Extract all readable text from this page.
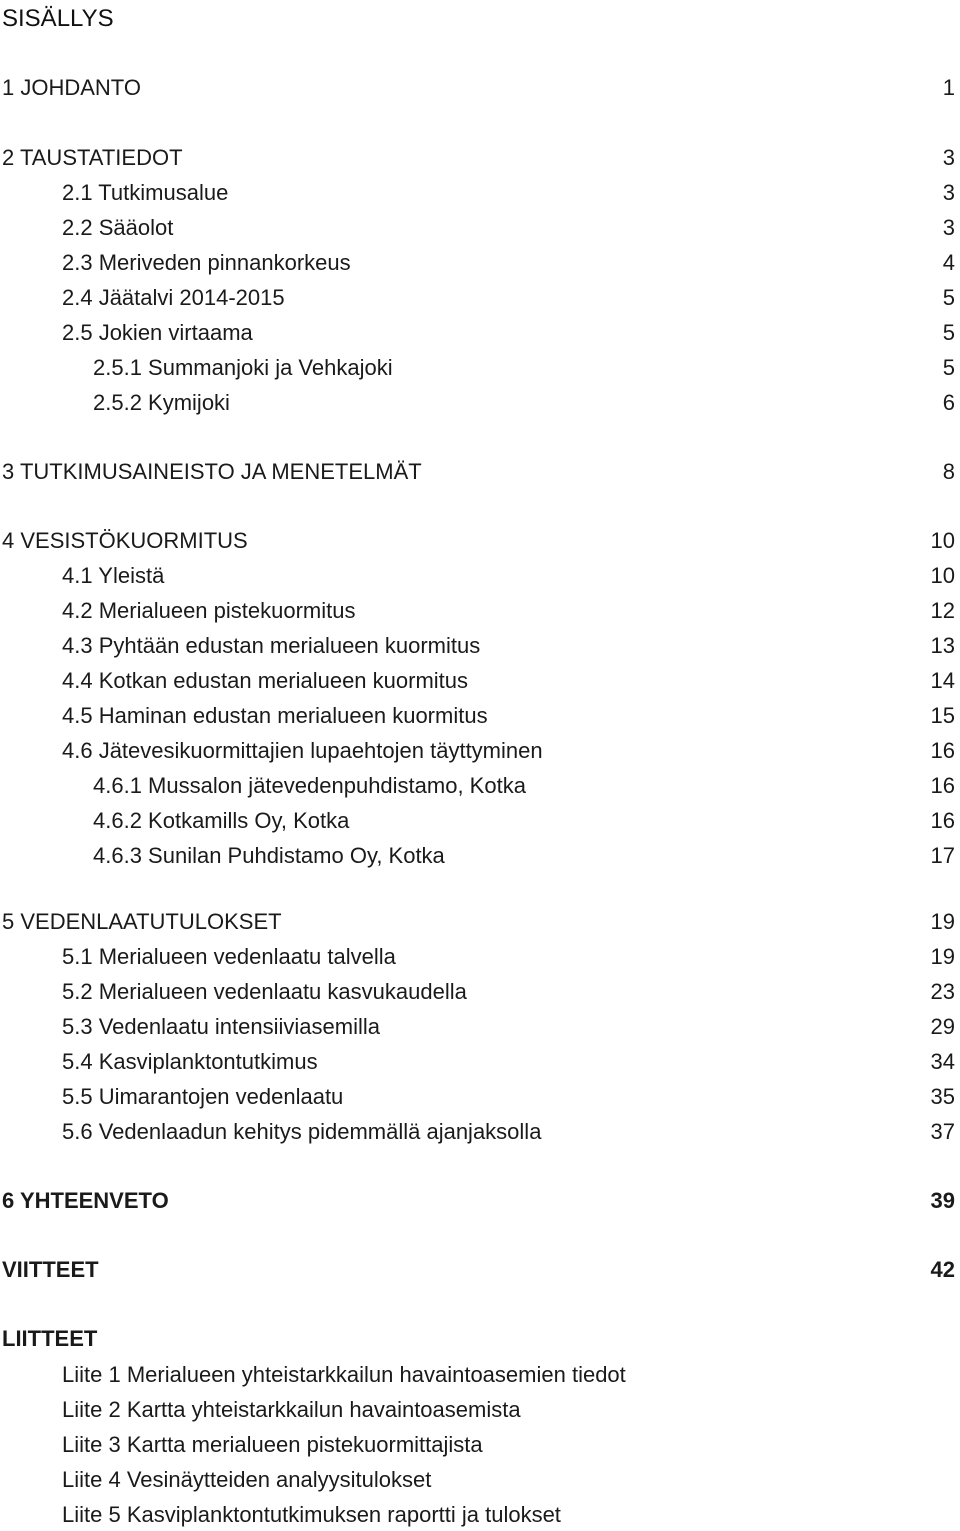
SISÄLLYS
1 JOHDANTO	1
2 TAUSTATIEDOT	3
2.1 Tutkimusalue	3
2.2 Sääolot	3
2.3 Meriveden pinnankorkeus	4
2.4 Jäätalvi 2014-2015	5
2.5 Jokien virtaama	5
2.5.1 Summanjoki ja Vehkajoki	5
2.5.2 Kymijoki	6
3 TUTKIMUSAINEISTO JA MENETELMÄT	8
4 VESISTÖKUORMITUS	10
4.1 Yleistä	10
4.2 Merialueen pistekuormitus	12
4.3 Pyhtään edustan merialueen kuormitus	13
4.4 Kotkan edustan merialueen kuormitus	14
4.5 Haminan edustan merialueen kuormitus	15
4.6 Jätevesikuormittajien lupaehtojen täyttyminen	16
4.6.1 Mussalon jätevedenpuhdistamo, Kotka	16
4.6.2 Kotkamills Oy, Kotka	16
4.6.3 Sunilan Puhdistamo Oy, Kotka	17
5 VEDENLAATUTULOKSET	19
5.1 Merialueen vedenlaatu talvella	19
5.2 Merialueen vedenlaatu kasvukaudella	23
5.3 Vedenlaatu intensiiviasemilla	29
5.4 Kasviplanktontutkimus	34
5.5 Uimarantojen vedenlaatu	35
5.6 Vedenlaadun kehitys pidemmällä ajanjaksolla	37
6 YHTEENVETO	39
VIITTEET	42
LIITTEET
Liite 1 Merialueen yhteistarkkailun havaintoasemien tiedot
Liite 2 Kartta yhteistarkkailun havaintoasemista
Liite 3 Kartta merialueen pistekuormittajista
Liite 4 Vesinäytteiden analyysitulokset
Liite 5 Kasviplanktontutkimuksen raportti ja tulokset
